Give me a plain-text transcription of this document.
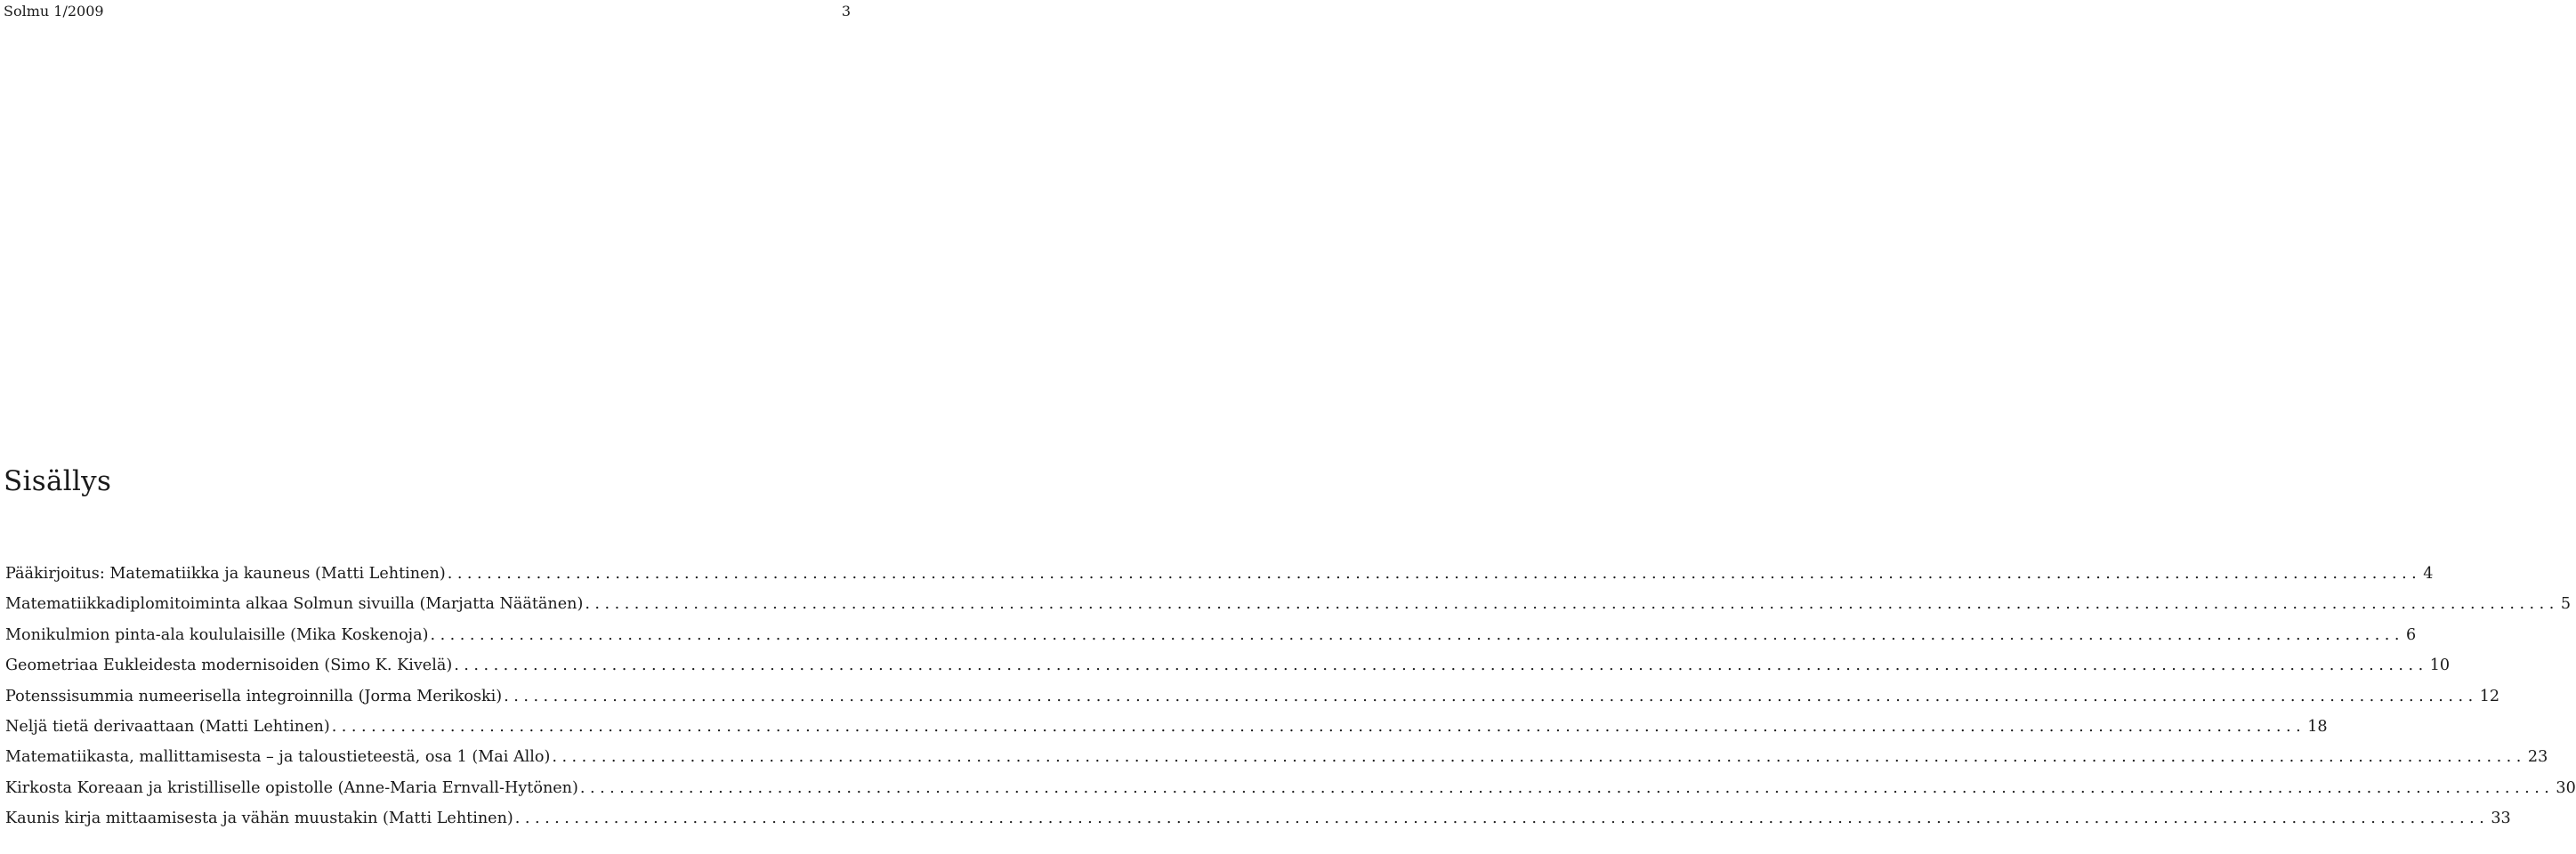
Solmu 1/2009	3
Sisällys
Pääkirjoitus: Matematiikka ja kauneus (Matti Lehtinen) ........................................................................................................................................................................................................ 4
Matematiikkadiplomitoiminta alkaa Solmun sivuilla (Marjatta Näätänen) ........................................................................................................................................................................................................ 5
Monikulmion pinta-ala koululaisille (Mika Koskenoja) ........................................................................................................................................................................................................ 6
Geometriaa Eukleidesta modernisoiden (Simo K. Kivelä) ........................................................................................................................................................................................................ 10
Potenssisummia numeerisella integroinnilla (Jorma Merikoski) ........................................................................................................................................................................................................ 12
Neljä tietä derivaattaan (Matti Lehtinen) ........................................................................................................................................................................................................ 18
Matematiikasta, mallittamisesta – ja taloustieteestä, osa 1 (Mai Allo) ........................................................................................................................................................................................................ 23
Kirkosta Koreaan ja kristilliselle opistolle (Anne-Maria Ernvall-Hytönen) ........................................................................................................................................................................................................ 30
Kaunis kirja mittaamisesta ja vähän muustakin (Matti Lehtinen) ........................................................................................................................................................................................................ 33
